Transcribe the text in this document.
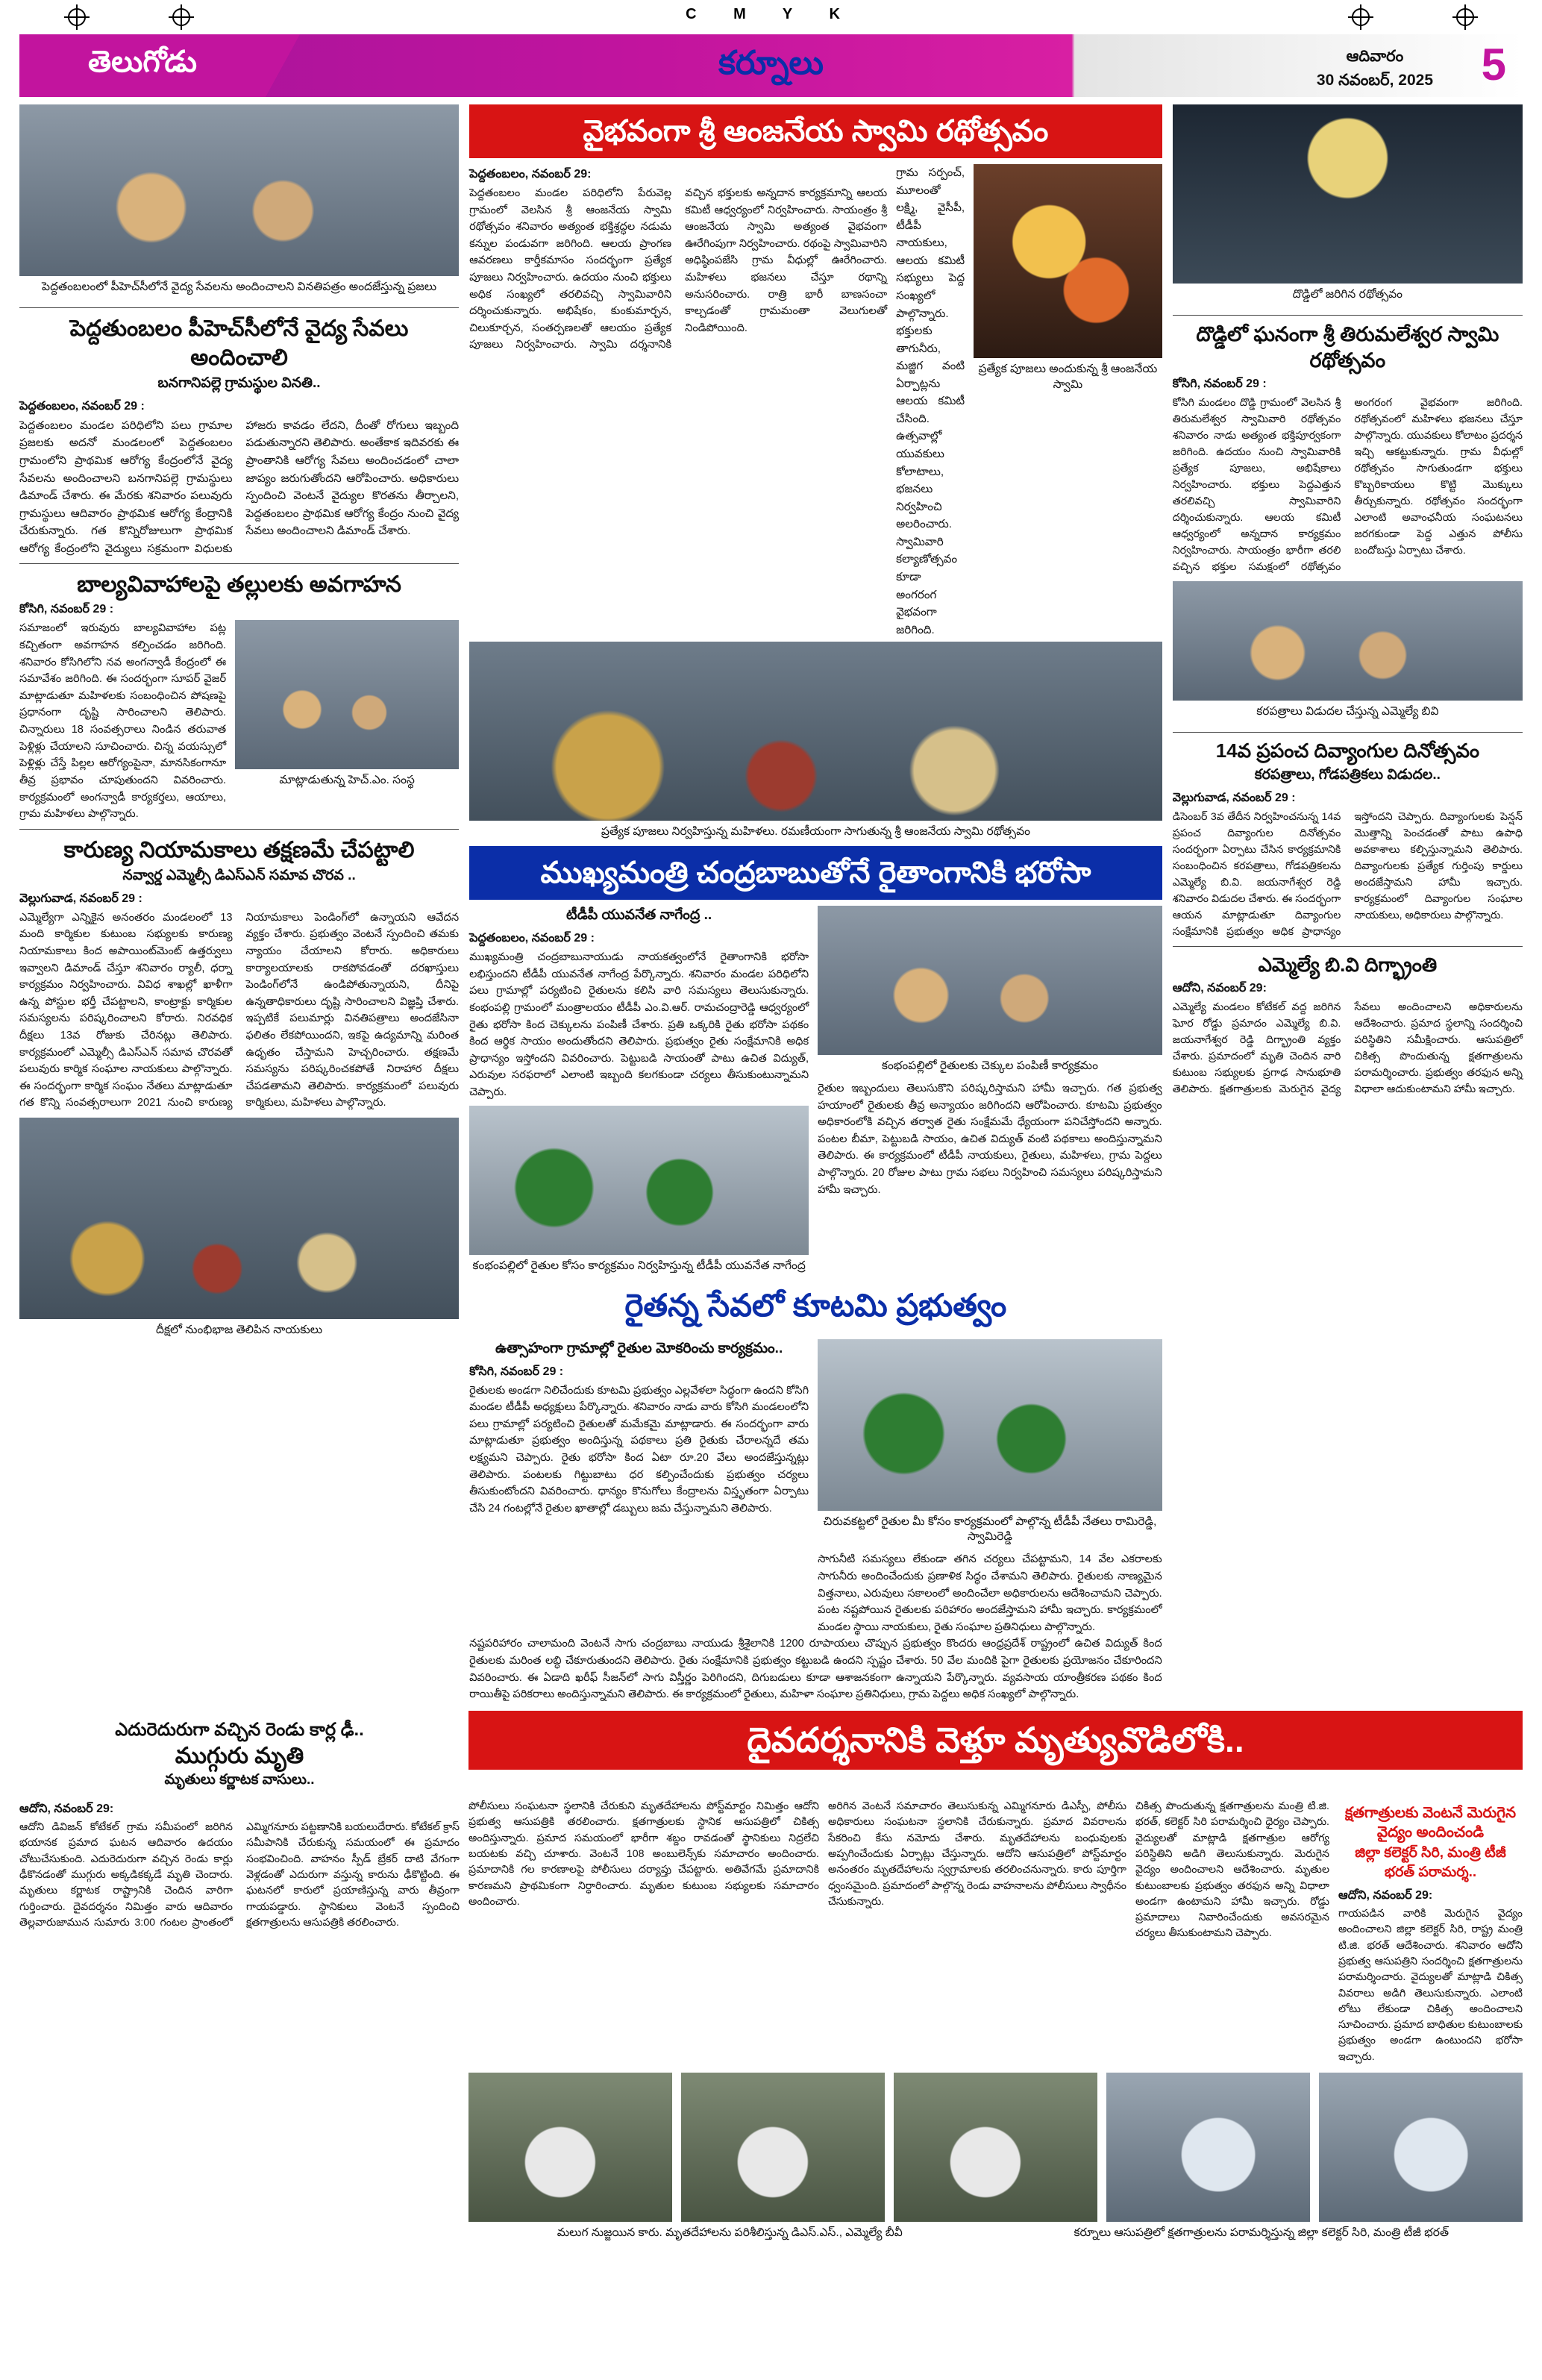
C M Y K
తెలుగోడు	కర్నూలు	ఆదివారం
30 నవంబర్, 2025 5
పెద్దతంబలంలో పీహెచ్‌సీలోనే వైద్య సేవలను అందించాలని వినతిపత్రం అందజేస్తున్న ప్రజలు
పెద్దతుంబలం పీహెచ్‌సీలోనే వైద్య సేవలు అందించాలి
బనగానిపల్లె గ్రామస్థుల వినతి..
పెద్దతంబలం, నవంబర్ 29 :
పెద్దతంబలం మండల పరిధిలోని పలు గ్రామాల ప్రజలకు అదనో మండలంలో పెద్దతంబలం గ్రామంలోని ప్రాథమిక ఆరోగ్య కేంద్రంలోనే వైద్య సేవలను అందించాలని బనగానిపల్లె గ్రామస్థులు డిమాండ్ చేశారు. ఈ మేరకు శనివారం పలువురు గ్రామస్థులు ఆదివారం ప్రాథమిక ఆరోగ్య కేంద్రానికి చేరుకున్నారు. గత కొన్నిరోజులుగా ప్రాథమిక ఆరోగ్య కేంద్రంలోని వైద్యులు సక్రమంగా విధులకు హాజరు కావడం లేదని, దీంతో రోగులు ఇబ్బంది పడుతున్నారని తెలిపారు. అంతేకాక ఇదివరకు ఈ ప్రాంతానికి ఆరోగ్య సేవలు అందించడంలో చాలా జాప్యం జరుగుతోందని ఆరోపించారు. అధికారులు స్పందించి వెంటనే వైద్యుల కొరతను తీర్చాలని, పెద్దతంబలం ప్రాథమిక ఆరోగ్య కేంద్రం నుంచి వైద్య సేవలు అందించాలని డిమాండ్ చేశారు.
బాల్యవివాహాలపై తల్లులకు అవగాహన
కోసిగి, నవంబర్ 29 :
సమాజంలో ఇరువురు బాల్యవివాహాల పట్ల కచ్చితంగా అవగాహన కల్పించడం జరిగింది. శనివారం కోసిగిలోని నవ అంగన్వాడీ కేంద్రంలో ఈ సమావేశం జరిగింది. ఈ సందర్భంగా సూపర్ వైజర్ మాట్లాడుతూ మహిళలకు సంబంధించిన పోషణపై ప్రధానంగా దృష్టి సారించాలని తెలిపారు. చిన్నారులు 18 సంవత్సరాలు నిండిన తరువాత పెళ్లిళ్లు చేయాలని సూచించారు. చిన్న వయస్సులో పెళ్లిళ్లు చేస్తే పిల్లల ఆరోగ్యంపైనా, మానసికంగానూ తీవ్ర ప్రభావం చూపుతుందని వివరించారు. కార్యక్రమంలో అంగన్వాడీ కార్యకర్తలు, ఆయాలు, గ్రామ మహిళలు పాల్గొన్నారు.
మాట్లాడుతున్న హెచ్.ఎం. సంస్థ
కారుణ్య నియామకాలు తక్షణమే చేపట్టాలి
నవ్వార్డ ఎమ్మెల్సీ డిఎస్‌ఎన్ సమావ చొరవ ..
వెల్లుగువాడ, నవంబర్ 29 :
ఎమ్మెల్యేగా ఎన్నికైన అనంతరం మండలంలో 13 మంది కార్మికుల కుటుంబ సభ్యులకు కారుణ్య నియామకాలు కింద అపాయింట్‌మెంట్ ఉత్తర్వులు ఇవ్వాలని డిమాండ్ చేస్తూ శనివారం ర్యాలీ, ధర్నా కార్యక్రమం నిర్వహించారు. వివిధ శాఖల్లో ఖాళీగా ఉన్న పోస్టుల భర్తీ చేపట్టాలని, కాంట్రాక్టు కార్మికుల సమస్యలను పరిష్కరించాలని కోరారు. నిరవధిక దీక్షలు 13వ రోజుకు చేరినట్లు తెలిపారు. కార్యక్రమంలో ఎమ్మెల్సీ డిఎస్‌ఎన్ సమావ చొరవతో పలువురు కార్మిక సంఘాల నాయకులు పాల్గొన్నారు. ఈ సందర్భంగా కార్మిక సంఘం నేతలు మాట్లాడుతూ గత కొన్ని సంవత్సరాలుగా 2021 నుంచి కారుణ్య నియామకాలు పెండింగ్‌లో ఉన్నాయని ఆవేదన వ్యక్తం చేశారు. ప్రభుత్వం వెంటనే స్పందించి తమకు న్యాయం చేయాలని కోరారు. అధికారులు కార్యాలయాలకు రాకపోవడంతో దరఖాస్తులు పెండింగ్‌లోనే ఉండిపోతున్నాయని, దీనిపై ఉన్నతాధికారులు దృష్టి సారించాలని విజ్ఞప్తి చేశారు. ఇప్పటికే పలుమార్లు వినతిపత్రాలు అందజేసినా ఫలితం లేకపోయిందని, ఇకపై ఉద్యమాన్ని మరింత ఉధృతం చేస్తామని హెచ్చరించారు. తక్షణమే సమస్యను పరిష్కరించకపోతే నిరాహార దీక్షలు చేపడతామని తెలిపారు. కార్యక్రమంలో పలువురు కార్మికులు, మహిళలు పాల్గొన్నారు.
దీక్షలో నుంభిభాజ తెలిపిన నాయకులు
వైభవంగా శ్రీ ఆంజనేయ స్వామి రథోత్సవం
పెద్దతంబలం, నవంబర్ 29:
పెద్దతంబలం మండల పరిధిలోని పేరువెల్ల గ్రామంలో వెలసిన శ్రీ ఆంజనేయ స్వామి రథోత్సవం శనివారం అత్యంత భక్తిశ్రద్ధల నడుమ కన్నుల పండువగా జరిగింది. ఆలయ ప్రాంగణ ఆవరణలు కార్తీకమాసం సందర్భంగా ప్రత్యేక పూజలు నిర్వహించారు. ఉదయం నుంచి భక్తులు అధిక సంఖ్యలో తరలివచ్చి స్వామివారిని దర్శించుకున్నారు. అభిషేకం, కుంకుమార్చన, చిలుకూర్చన, సంతర్పణలతో ఆలయం ప్రత్యేక పూజలు నిర్వహించారు. స్వామి దర్శనానికి వచ్చిన భక్తులకు అన్నదాన కార్యక్రమాన్ని ఆలయ కమిటీ ఆధ్వర్యంలో నిర్వహించారు. సాయంత్రం శ్రీ ఆంజనేయ స్వామి అత్యంత వైభవంగా ఊరేగింపుగా నిర్వహించారు. రథంపై స్వామివారిని అధిష్ఠింపజేసి గ్రామ వీధుల్లో ఊరేగించారు. మహిళలు భజనలు చేస్తూ రథాన్ని అనుసరించారు. రాత్రి భారీ బాణసంచా కాల్చడంతో గ్రామమంతా వెలుగులతో నిండిపోయింది.
గ్రామ సర్పంచ్, మూలంతో లక్ష్మి, వైసీపీ, టీడీపీ నాయకులు, ఆలయ కమిటీ సభ్యులు పెద్ద సంఖ్యలో పాల్గొన్నారు. భక్తులకు తాగునీరు, మజ్జిగ వంటి ఏర్పాట్లను ఆలయ కమిటీ చేసింది. ఉత్సవాల్లో యువకులు కోలాటాలు, భజనలు నిర్వహించి అలరించారు. స్వామివారి కల్యాణోత్సవం కూడా అంగరంగ వైభవంగా జరిగింది.
ప్రత్యేక పూజలు అందుకున్న శ్రీ ఆంజనేయ స్వామి
ప్రత్యేక పూజలు నిర్వహిస్తున్న మహిళలు. రమణీయంగా సాగుతున్న శ్రీ ఆంజనేయ స్వామి రథోత్సవం
ముఖ్యమంత్రి చంద్రబాబుతోనే రైతాంగానికి భరోసా
టీడీపీ యువనేత నాగేంద్ర ..
పెద్దతంబలం, నవంబర్ 29 :
ముఖ్యమంత్రి చంద్రబాబునాయుడు నాయకత్వంలోనే రైతాంగానికి భరోసా లభిస్తుందని టీడీపీ యువనేత నాగేంద్ర పేర్కొన్నారు. శనివారం మండల పరిధిలోని పలు గ్రామాల్లో పర్యటించి రైతులను కలిసి వారి సమస్యలు తెలుసుకున్నారు. కంభంపల్లి గ్రామంలో మంత్రాలయం టీడీపీ ఎం.వి.ఆర్. రామచంద్రారెడ్డి ఆధ్వర్యంలో రైతు భరోసా కింద చెక్కులను పంపిణీ చేశారు. ప్రతి ఒక్కరికి రైతు భరోసా పథకం కింద ఆర్థిక సాయం అందుతోందని తెలిపారు. ప్రభుత్వం రైతు సంక్షేమానికి అధిక ప్రాధాన్యం ఇస్తోందని వివరించారు. పెట్టుబడి సాయంతో పాటు ఉచిత విద్యుత్, ఎరువుల సరఫరాలో ఎలాంటి ఇబ్బంది కలగకుండా చర్యలు తీసుకుంటున్నామని చెప్పారు.
కంభంపల్లిలో రైతుల కోసం కార్యక్రమం నిర్వహిస్తున్న టీడీపీ యువనేత నాగేంద్ర
కంభంపల్లిలో రైతులకు చెక్కుల పంపిణీ కార్యక్రమం
రైతుల ఇబ్బందులు తెలుసుకొని పరిష్కరిస్తామని హామీ ఇచ్చారు. గత ప్రభుత్వ హయాంలో రైతులకు తీవ్ర అన్యాయం జరిగిందని ఆరోపించారు. కూటమి ప్రభుత్వం అధికారంలోకి వచ్చిన తర్వాత రైతు సంక్షేమమే ధ్యేయంగా పనిచేస్తోందని అన్నారు. పంటల బీమా, పెట్టుబడి సాయం, ఉచిత విద్యుత్ వంటి పథకాలు అందిస్తున్నామని తెలిపారు. ఈ కార్యక్రమంలో టీడీపీ నాయకులు, రైతులు, మహిళలు, గ్రామ పెద్దలు పాల్గొన్నారు. 20 రోజుల పాటు గ్రామ సభలు నిర్వహించి సమస్యలు పరిష్కరిస్తామని హామీ ఇచ్చారు.
రైతన్న సేవలో కూటమి ప్రభుత్వం
ఉత్సాహంగా గ్రామాల్లో రైతుల మోకరించు కార్యక్రమం..
కోసిగి, నవంబర్ 29 :
రైతులకు అండగా నిలిచేందుకు కూటమి ప్రభుత్వం ఎల్లవేళలా సిద్ధంగా ఉందని కోసిగి మండల టీడీపీ అధ్యక్షులు పేర్కొన్నారు. శనివారం నాడు వారు కోసిగి మండలంలోని పలు గ్రామాల్లో పర్యటించి రైతులతో మమేకమై మాట్లాడారు. ఈ సందర్భంగా వారు మాట్లాడుతూ ప్రభుత్వం అందిస్తున్న పథకాలు ప్రతి రైతుకు చేరాలన్నదే తమ లక్ష్యమని చెప్పారు. రైతు భరోసా కింద ఏటా రూ.20 వేలు అందజేస్తున్నట్లు తెలిపారు. పంటలకు గిట్టుబాటు ధర కల్పించేందుకు ప్రభుత్వం చర్యలు తీసుకుంటోందని వివరించారు. ధాన్యం కొనుగోలు కేంద్రాలను విస్తృతంగా ఏర్పాటు చేసి 24 గంటల్లోనే రైతుల ఖాతాల్లో డబ్బులు జమ చేస్తున్నామని తెలిపారు.
చిరువకట్టలో రైతుల మీ కోసం కార్యక్రమంలో పాల్గొన్న టీడీపీ నేతలు రామిరెడ్డి, స్వామిరెడ్డి
సాగునీటి సమస్యలు లేకుండా తగిన చర్యలు చేపట్టామని, 14 వేల ఎకరాలకు సాగునీరు అందించేందుకు ప్రణాళిక సిద్ధం చేశామని తెలిపారు. రైతులకు నాణ్యమైన విత్తనాలు, ఎరువులు సకాలంలో అందించేలా అధికారులను ఆదేశించామని చెప్పారు. పంట నష్టపోయిన రైతులకు పరిహారం అందజేస్తామని హామీ ఇచ్చారు. కార్యక్రమంలో మండల స్థాయి నాయకులు, రైతు సంఘాల ప్రతినిధులు పాల్గొన్నారు.
నష్టపరిహారం చాలామంది వెంటనే సాగు చంద్రబాబు నాయుడు శ్రీశైలానికి 1200 రూపాయలు చొప్పున ప్రభుత్వం కొందరు ఆంధ్రప్రదేశ్ రాష్ట్రంలో ఉచిత విద్యుత్ కింద రైతులకు మరింత లబ్ధి చేకూరుతుందని తెలిపారు. రైతు సంక్షేమానికి ప్రభుత్వం కట్టుబడి ఉందని స్పష్టం చేశారు. 50 వేల మందికి పైగా రైతులకు ప్రయోజనం చేకూరిందని వివరించారు. ఈ ఏడాది ఖరీఫ్ సీజన్‌లో సాగు విస్తీర్ణం పెరిగిందని, దిగుబడులు కూడా ఆశాజనకంగా ఉన్నాయని పేర్కొన్నారు. వ్యవసాయ యాంత్రీకరణ పథకం కింద రాయితీపై పరికరాలు అందిస్తున్నామని తెలిపారు. ఈ కార్యక్రమంలో రైతులు, మహిళా సంఘాల ప్రతినిధులు, గ్రామ పెద్దలు అధిక సంఖ్యలో పాల్గొన్నారు.
దొడ్డిలో జరిగిన రథోత్సవం
దొడ్డిలో ఘనంగా శ్రీ తిరుమలేశ్వర స్వామి రథోత్సవం
కోసిగి, నవంబర్ 29 :
కోసిగి మండలం దొడ్డి గ్రామంలో వెలసిన శ్రీ తిరుమలేశ్వర స్వామివారి రథోత్సవం శనివారం నాడు అత్యంత భక్తిపూర్వకంగా జరిగింది. ఉదయం నుంచి స్వామివారికి ప్రత్యేక పూజలు, అభిషేకాలు నిర్వహించారు. భక్తులు పెద్దఎత్తున తరలివచ్చి స్వామివారిని దర్శించుకున్నారు. ఆలయ కమిటీ ఆధ్వర్యంలో అన్నదాన కార్యక్రమం నిర్వహించారు. సాయంత్రం భారీగా తరలి వచ్చిన భక్తుల సమక్షంలో రథోత్సవం అంగరంగ వైభవంగా జరిగింది. రథోత్సవంలో మహిళలు భజనలు చేస్తూ పాల్గొన్నారు. యువకులు కోలాటం ప్రదర్శన ఇచ్చి ఆకట్టుకున్నారు. గ్రామ వీధుల్లో రథోత్సవం సాగుతుండగా భక్తులు కొబ్బరికాయలు కొట్టి మొక్కులు తీర్చుకున్నారు. రథోత్సవం సందర్భంగా ఎలాంటి అవాంఛనీయ సంఘటనలు జరగకుండా పెద్ద ఎత్తున పోలీసు బందోబస్తు ఏర్పాటు చేశారు.
కరపత్రాలు విడుదల చేస్తున్న ఎమ్మెల్యే బివి
14వ ప్రపంచ దివ్యాంగుల దినోత్సవం
కరపత్రాలు, గోడపత్రికలు విడుదల..
వెల్లుగువాడ, నవంబర్ 29 :
డిసెంబర్ 3వ తేదీన నిర్వహించనున్న 14వ ప్రపంచ దివ్యాంగుల దినోత్సవం సందర్భంగా ఏర్పాటు చేసిన కార్యక్రమానికి సంబంధించిన కరపత్రాలు, గోడపత్రికలను ఎమ్మెల్యే బి.వి. జయనాగేశ్వర రెడ్డి శనివారం విడుదల చేశారు. ఈ సందర్భంగా ఆయన మాట్లాడుతూ దివ్యాంగుల సంక్షేమానికి ప్రభుత్వం అధిక ప్రాధాన్యం ఇస్తోందని చెప్పారు. దివ్యాంగులకు పెన్షన్ మొత్తాన్ని పెంచడంతో పాటు ఉపాధి అవకాశాలు కల్పిస్తున్నామని తెలిపారు. దివ్యాంగులకు ప్రత్యేక గుర్తింపు కార్డులు అందజేస్తామని హామీ ఇచ్చారు. కార్యక్రమంలో దివ్యాంగుల సంఘాల నాయకులు, అధికారులు పాల్గొన్నారు.
ఎమ్మెల్యే బి.వి దిగ్భ్రాంతి
ఆదోని, నవంబర్ 29:
ఎమ్మెల్యే మండలం కోటేకల్ వద్ద జరిగిన ఘోర రోడ్డు ప్రమాదం ఎమ్మెల్యే బి.వి. జయనాగేశ్వర రెడ్డి దిగ్భ్రాంతి వ్యక్తం చేశారు. ప్రమాదంలో మృతి చెందిన వారి కుటుంబ సభ్యులకు ప్రగాఢ సానుభూతి తెలిపారు. క్షతగాత్రులకు మెరుగైన వైద్య సేవలు అందించాలని అధికారులను ఆదేశించారు. ప్రమాద స్థలాన్ని సందర్శించి పరిస్థితిని సమీక్షించారు. ఆసుపత్రిలో చికిత్స పొందుతున్న క్షతగాత్రులను పరామర్శించారు. ప్రభుత్వం తరఫున అన్ని విధాలా ఆదుకుంటామని హామీ ఇచ్చారు.
ఎదురెదురుగా వచ్చిన రెండు కార్ల ఢీ..
ముగ్గురు మృతి
మృతులు కర్ణాటక వాసులు..
దైవదర్శనానికి వెళ్తూ మృత్యువొడిలోకి..
ఆదోని, నవంబర్ 29:
ఆదోని డివిజన్ కోటేకల్ గ్రామ సమీపంలో జరిగిన భయానక ప్రమాద ఘటన ఆదివారం ఉదయం చోటుచేసుకుంది. ఎదురెదురుగా వచ్చిన రెండు కార్లు ఢీకొనడంతో ముగ్గురు అక్కడికక్కడే మృతి చెందారు. మృతులు కర్ణాటక రాష్ట్రానికి చెందిన వారిగా గుర్తించారు. దైవదర్శనం నిమిత్తం వారు ఆదివారం తెల్లవారుజామున సుమారు 3:00 గంటల ప్రాంతంలో ఎమ్మిగనూరు పట్టణానికి బయలుదేరారు. కోటేకల్ క్రాస్ సమీపానికి చేరుకున్న సమయంలో ఈ ప్రమాదం సంభవించింది. వాహనం స్పీడ్ బ్రేకర్ దాటి వేగంగా వెళ్లడంతో ఎదురుగా వస్తున్న కారును ఢీకొట్టింది. ఈ ఘటనలో కారులో ప్రయాణిస్తున్న వారు తీవ్రంగా గాయపడ్డారు. స్థానికులు వెంటనే స్పందించి క్షతగాత్రులను ఆసుపత్రికి తరలించారు.
పోలీసులు సంఘటనా స్థలానికి చేరుకుని మృతదేహాలను పోస్ట్‌మార్టం నిమిత్తం ఆదోని ప్రభుత్వ ఆసుపత్రికి తరలించారు. క్షతగాత్రులకు స్థానిక ఆసుపత్రిలో చికిత్స అందిస్తున్నారు. ప్రమాద సమయంలో భారీగా శబ్దం రావడంతో స్థానికులు నిద్రలేచి బయటకు వచ్చి చూశారు. వెంటనే 108 అంబులెన్స్‌కు సమాచారం అందించారు. ప్రమాదానికి గల కారణాలపై పోలీసులు దర్యాప్తు చేపట్టారు. అతివేగమే ప్రమాదానికి కారణమని ప్రాథమికంగా నిర్ధారించారు. మృతుల కుటుంబ సభ్యులకు సమాచారం అందించారు.
అరిగిన వెంటనే సమాచారం తెలుసుకున్న ఎమ్మిగనూరు డిఎస్పీ, పోలీసు అధికారులు సంఘటనా స్థలానికి చేరుకున్నారు. ప్రమాద వివరాలను సేకరించి కేసు నమోదు చేశారు. మృతదేహాలను బంధువులకు అప్పగించేందుకు ఏర్పాట్లు చేస్తున్నారు. ఆదోని ఆసుపత్రిలో పోస్ట్‌మార్టం అనంతరం మృతదేహాలను స్వగ్రామాలకు తరలించనున్నారు. కారు పూర్తిగా ధ్వంసమైంది. ప్రమాదంలో పాల్గొన్న రెండు వాహనాలను పోలీసులు స్వాధీనం చేసుకున్నారు.
చికిత్స పొందుతున్న క్షతగాత్రులను మంత్రి టి.జి. భరత్, కలెక్టర్ సిరి పరామర్శించి ధైర్యం చెప్పారు. వైద్యులతో మాట్లాడి క్షతగాత్రుల ఆరోగ్య పరిస్థితిని అడిగి తెలుసుకున్నారు. మెరుగైన వైద్యం అందించాలని ఆదేశించారు. మృతుల కుటుంబాలకు ప్రభుత్వం తరఫున అన్ని విధాలా అండగా ఉంటామని హామీ ఇచ్చారు. రోడ్డు ప్రమాదాలు నివారించేందుకు అవసరమైన చర్యలు తీసుకుంటామని చెప్పారు.
క్షతగాత్రులకు వెంటనే మెరుగైన వైద్యం అందించండి
జిల్లా కలెక్టర్ సిరి, మంత్రి టీజీ భరత్ పరామర్శ..
ఆదోని, నవంబర్ 29:
గాయపడిన వారికి మెరుగైన వైద్యం అందించాలని జిల్లా కలెక్టర్ సిరి, రాష్ట్ర మంత్రి టి.జి. భరత్ ఆదేశించారు. శనివారం ఆదోని ప్రభుత్వ ఆసుపత్రిని సందర్శించి క్షతగాత్రులను పరామర్శించారు. వైద్యులతో మాట్లాడి చికిత్స వివరాలు అడిగి తెలుసుకున్నారు. ఎలాంటి లోటు లేకుండా చికిత్స అందించాలని సూచించారు. ప్రమాద బాధితుల కుటుంబాలకు ప్రభుత్వం అండగా ఉంటుందని భరోసా ఇచ్చారు.
మలుగ నుజ్జయిన కారు. మృతదేహాలను పరిశీలిస్తున్న డిఎస్.ఎస్., ఎమ్మెల్యే బీవీ	కర్నూలు ఆసుపత్రిలో క్షతగాత్రులను పరామర్శిస్తున్న జిల్లా కలెక్టర్ సిరి, మంత్రి టీజీ భరత్
